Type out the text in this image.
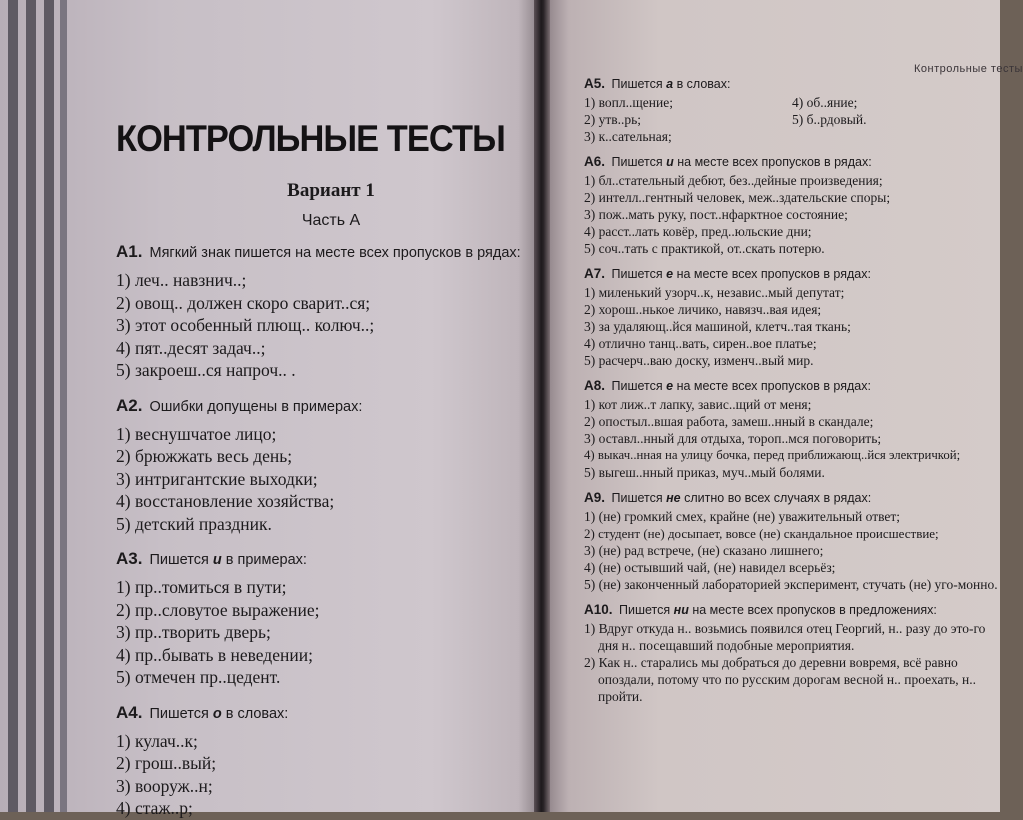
КОНТРОЛЬНЫЕ ТЕСТЫ
Вариант 1
Часть А
А1. Мягкий знак пишется на месте всех пропусков в рядах:
1) леч.. навзнич..;
2) овощ.. должен скоро сварит..ся;
3) этот особенный плющ.. колюч..;
4) пят..десят задач..;
5) закроеш..ся напроч.. .
А2. Ошибки допущены в примерах:
1) веснушчатое лицо;
2) брюжжать весь день;
3) интригантские выходки;
4) восстановление хозяйства;
5) детский праздник.
А3. Пишется и в примерах:
1) пр..томиться в пути;
2) пр..словутое выражение;
3) пр..творить дверь;
4) пр..бывать в неведении;
5) отмечен пр..цедент.
А4. Пишется о в словах:
1) кулач..к;
2) грош..вый;
3) вооруж..н;
4) стаж..р;
Контрольные тесты
А5. Пишется а в словах:
1) вопл..щение;
2) утв..рь;
3) к..сательная;
4) об..яние;
5) б..рдовый.
А6. Пишется и на месте всех пропусков в рядах:
1) бл..стательный дебют, без..дейные произведения;
2) интелл..гентный человек, меж..здательские споры;
3) пож..мать руку, пост..нфарктное состояние;
4) расст..лать ковёр, пред..юльские дни;
5) соч..тать с практикой, от..скать потерю.
А7. Пишется е на месте всех пропусков в рядах:
1) миленький узорч..к, независ..мый депутат;
2) хорош..нькое личико, навязч..вая идея;
3) за удаляющ..йся машиной, клетч..тая ткань;
4) отлично танц..вать, сирен..вое платье;
5) расчерч..ваю доску, изменч..вый мир.
А8. Пишется е на месте всех пропусков в рядах:
1) кот лиж..т лапку, завис..щий от меня;
2) опостыл..вшая работа, замеш..нный в скандале;
3) оставл..нный для отдыха, тороп..мся поговорить;
4) выкач..нная на улицу бочка, перед приближающ..йся электричкой;
5) выгеш..нный приказ, муч..мый болями.
А9. Пишется не слитно во всех случаях в рядах:
1) (не) громкий смех, крайне (не) уважительный ответ;
2) студент (не) досыпает, вовсе (не) скандальное происшествие;
3) (не) рад встрече, (не) сказано лишнего;
4) (не) остывший чай, (не) навидел всерьёз;
5) (не) законченный лабораторией эксперимент, стучать (не) уго-монно.
А10. Пишется ни на месте всех пропусков в предложениях:
1) Вдруг откуда н.. возьмись появился отец Георгий, н.. разу до это-го дня н.. посещавший подобные мероприятия.
2) Как н.. старались мы добраться до деревни вовремя, всё равно опоздали, потому что по русским дорогам весной н.. проехать, н.. пройти.
